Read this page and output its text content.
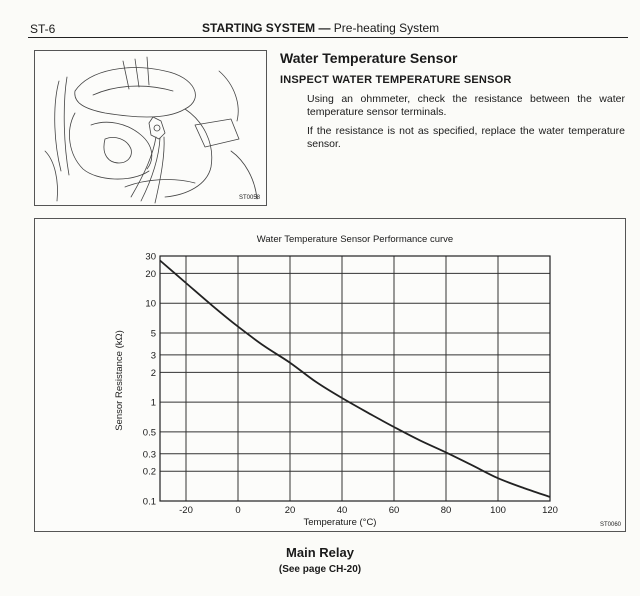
ST-6	STARTING SYSTEM — Pre-heating System
ST0058
Water Temperature Sensor
INSPECT WATER TEMPERATURE SENSOR
Using an ohmmeter, check the resistance between the water temperature sensor terminals.
If the resistance is not as specified, replace the water temperature sensor.
0.1
0.2
0.3
0.5
1
2
3
5
10
20
30
-20	0	20	40	60	80	100	120
Water Temperature Sensor Performance curve
Temperature (°C)
Sensor Resistance (kΩ)
ST0060
Main Relay
(See page CH-20)
